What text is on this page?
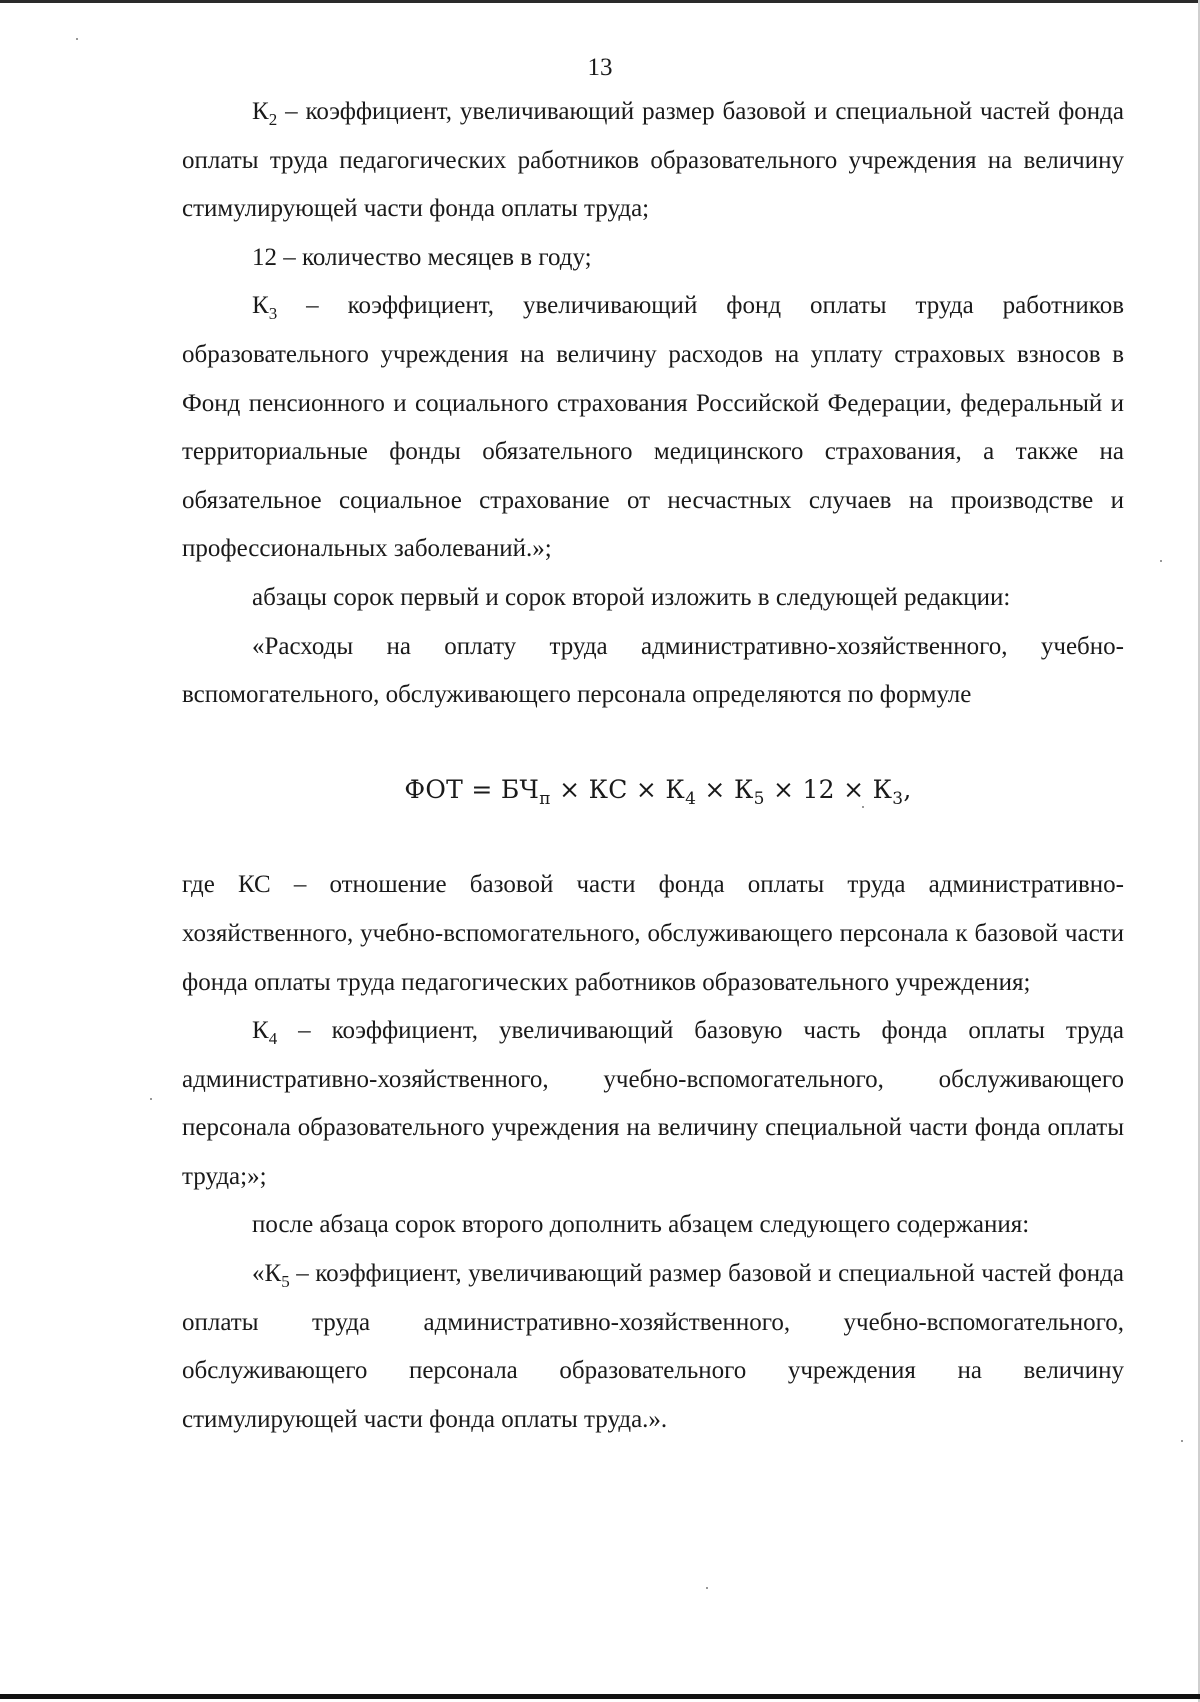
13

$К_2$ – коэффициент, увеличивающий размер базовой и специальной частей фонда оплаты труда педагогических работников образовательного учреждения на величину стимулирующей части фонда оплаты труда;

12 – количество месяцев в году;

$К_3$ – коэффициент, увеличивающий фонд оплаты труда работников образовательного учреждения на величину расходов на уплату страховых взносов в Фонд пенсионного и социального страхования Российской Федерации, федеральный и территориальные фонды обязательного медицинского страхования, а также на обязательное социальное страхование от несчастных случаев на производстве и профессиональных заболеваний.»;

абзацы сорок первый и сорок второй изложить в следующей редакции:

«Расходы на оплату труда административно-хозяйственного, учебно-вспомогательного, обслуживающего персонала определяются по формуле

ФОТ = $БЧ_п$ × КС × $К_4 \times К_5 \times 12 \times К_3$,

где КС – отношение базовой части фонда оплаты труда административно-хозяйственного, учебно-вспомогательного, обслуживающего персонала к базовой части фонда оплаты труда педагогических работников образовательного учреждения;

$К_4$ – коэффициент, увеличивающий базовую часть фонда оплаты труда административно-хозяйственного, учебно-вспомогательного, обслуживающего персонала образовательного учреждения на величину специальной части фонда оплаты труда;»;

после абзаца сорок второго дополнить абзацем следующего содержания:

«$К_5$ – коэффициент, увеличивающий размер базовой и специальной частей фонда оплаты труда административно-хозяйственного, учебно-вспомогательного, обслуживающего персонала образовательного учреждения на величину стимулирующей части фонда оплаты труда.».
